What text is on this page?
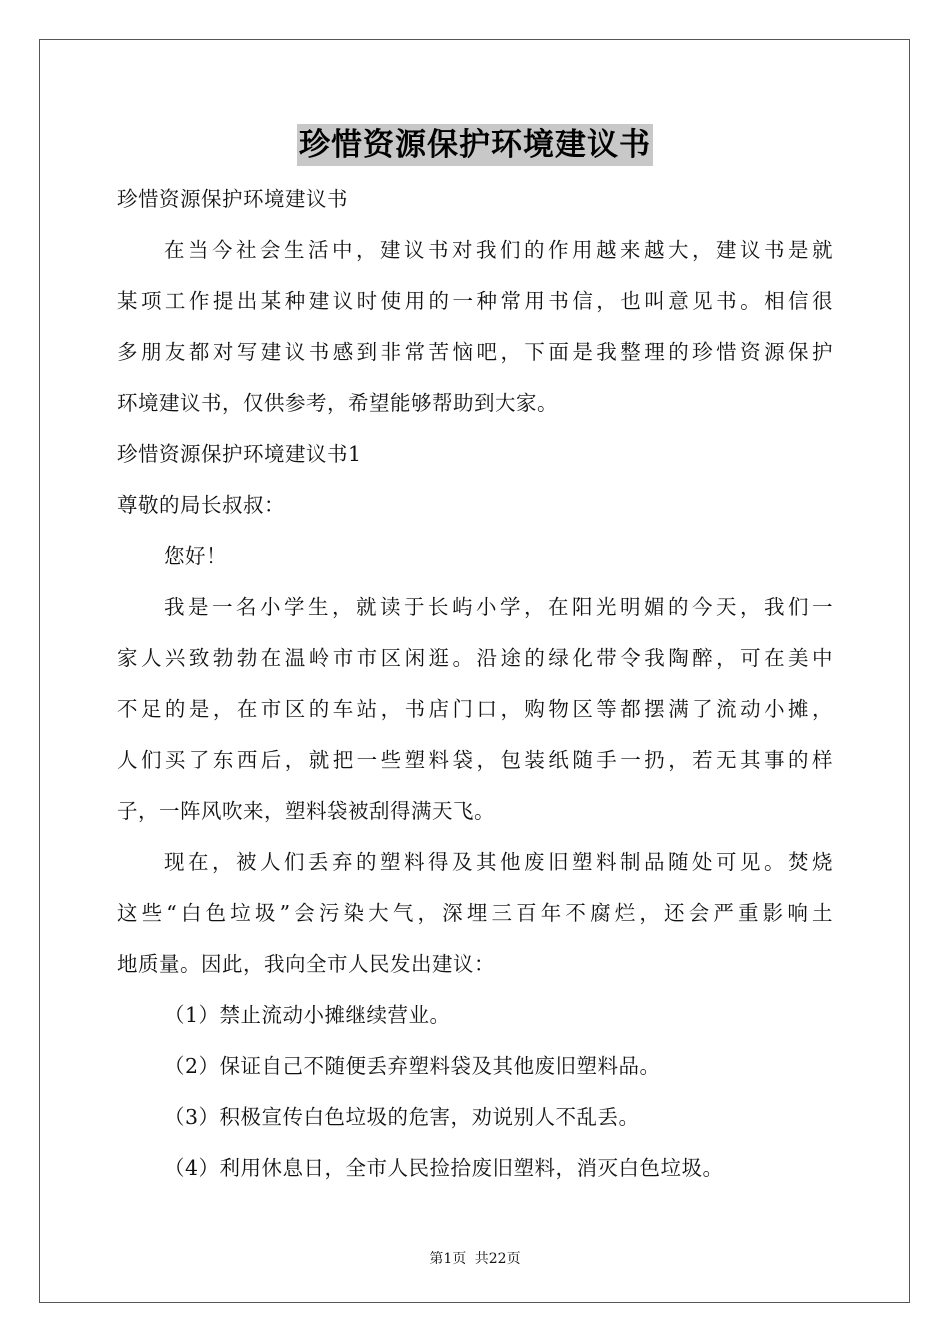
珍惜资源保护环境建议书
珍惜资源保护环境建议书
在当今社会生活中，建议书对我们的作用越来越大，建议书是就
某项工作提出某种建议时使用的一种常用书信，也叫意见书。相信很
多朋友都对写建议书感到非常苦恼吧，下面是我整理的珍惜资源保护
环境建议书，仅供参考，希望能够帮助到大家。
珍惜资源保护环境建议书1
尊敬的局长叔叔：
您好！
我是一名小学生，就读于长屿小学，在阳光明媚的今天，我们一
家人兴致勃勃在温岭市市区闲逛。沿途的绿化带令我陶醉，可在美中
不足的是，在市区的车站，书店门口，购物区等都摆满了流动小摊，
人们买了东西后，就把一些塑料袋，包装纸随手一扔，若无其事的样
子，一阵风吹来，塑料袋被刮得满天飞。
现在，被人们丢弃的塑料得及其他废旧塑料制品随处可见。焚烧
这些“白色垃圾”会污染大气，深埋三百年不腐烂，还会严重影响土
地质量。因此，我向全市人民发出建议：
（1）禁止流动小摊继续营业。
（2）保证自己不随便丢弃塑料袋及其他废旧塑料品。
（3）积极宣传白色垃圾的危害，劝说别人不乱丢。
（4）利用休息日，全市人民捡拾废旧塑料，消灭白色垃圾。
第1页 共22页
